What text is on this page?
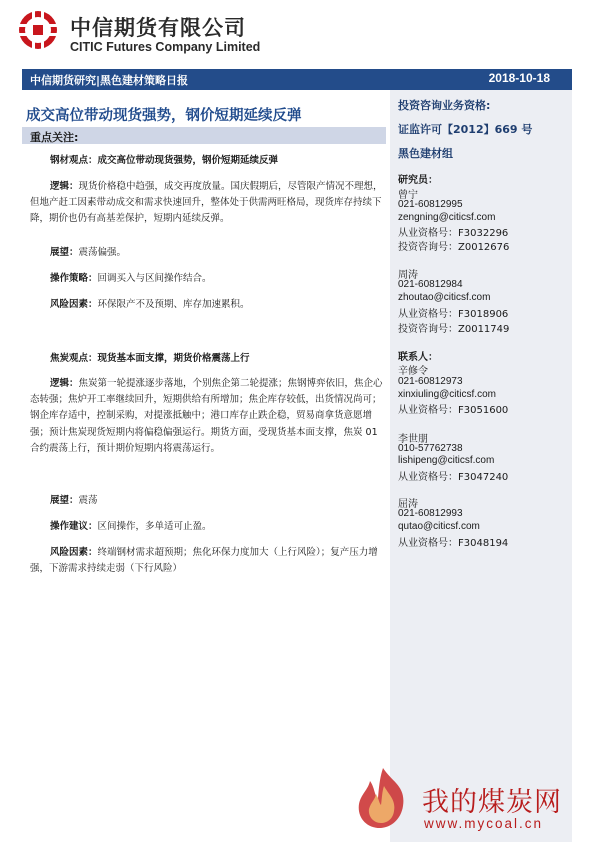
中信期货有限公司
CITIC Futures Company Limited
中信期货研究|黑色建材策略日报	2018-10-18
投资咨询业务资格:
证监许可【2012】669 号
黑色建材组
研究员：
曾宁
021-60812995
zengning@citicsf.com
从业资格号：F3032296
投资咨询号：Z0012676
周涛
021-60812984
zhoutao@citicsf.com
从业资格号：F3018906
投资咨询号：Z0011749
联系人：
辛修令
021-60812973
xinxiuling@citicsf.com
从业资格号：F3051600
李世朋
010-57762738
lishipeng@citicsf.com
从业资格号：F3047240
屈涛
021-60812993
qutao@citicsf.com
从业资格号：F3048194
成交高位带动现货强势，钢价短期延续反弹
重点关注:
钢材观点：成交高位带动现货强势，钢价短期延续反弹
逻辑：现货价格稳中趋强，成交再度放量。国庆假期后，尽管限产情况不理想，但地产赶工因素带动成交和需求快速回升，整体处于供需两旺格局，现货库存持续下降，期价也仍有高基差保护，短期内延续反弹。
展望：震荡偏强。
操作策略：回调买入与区间操作结合。
风险因素：环保限产不及预期、库存加速累积。
焦炭观点：现货基本面支撑，期货价格震荡上行
逻辑：焦炭第一轮提涨逐步落地，个别焦企第二轮提涨；焦钢博弈依旧，焦企心态转强；焦炉开工率继续回升，短期供给有所增加；焦企库存较低，出货情况尚可；钢企库存适中，控制采购，对提涨抵触中；港口库存止跌企稳，贸易商拿货意愿增强；预计焦炭现货短期内将偏稳偏强运行。期货方面，受现货基本面支撑，焦炭 01 合约震荡上行，预计期价短期内将震荡运行。
展望：震荡
操作建议：区间操作，多单适可止盈。
风险因素：终端钢材需求超预期；焦化环保力度加大（上行风险）；复产压力增强，下游需求持续走弱（下行风险）
我的煤炭网
www.mycoal.cn
